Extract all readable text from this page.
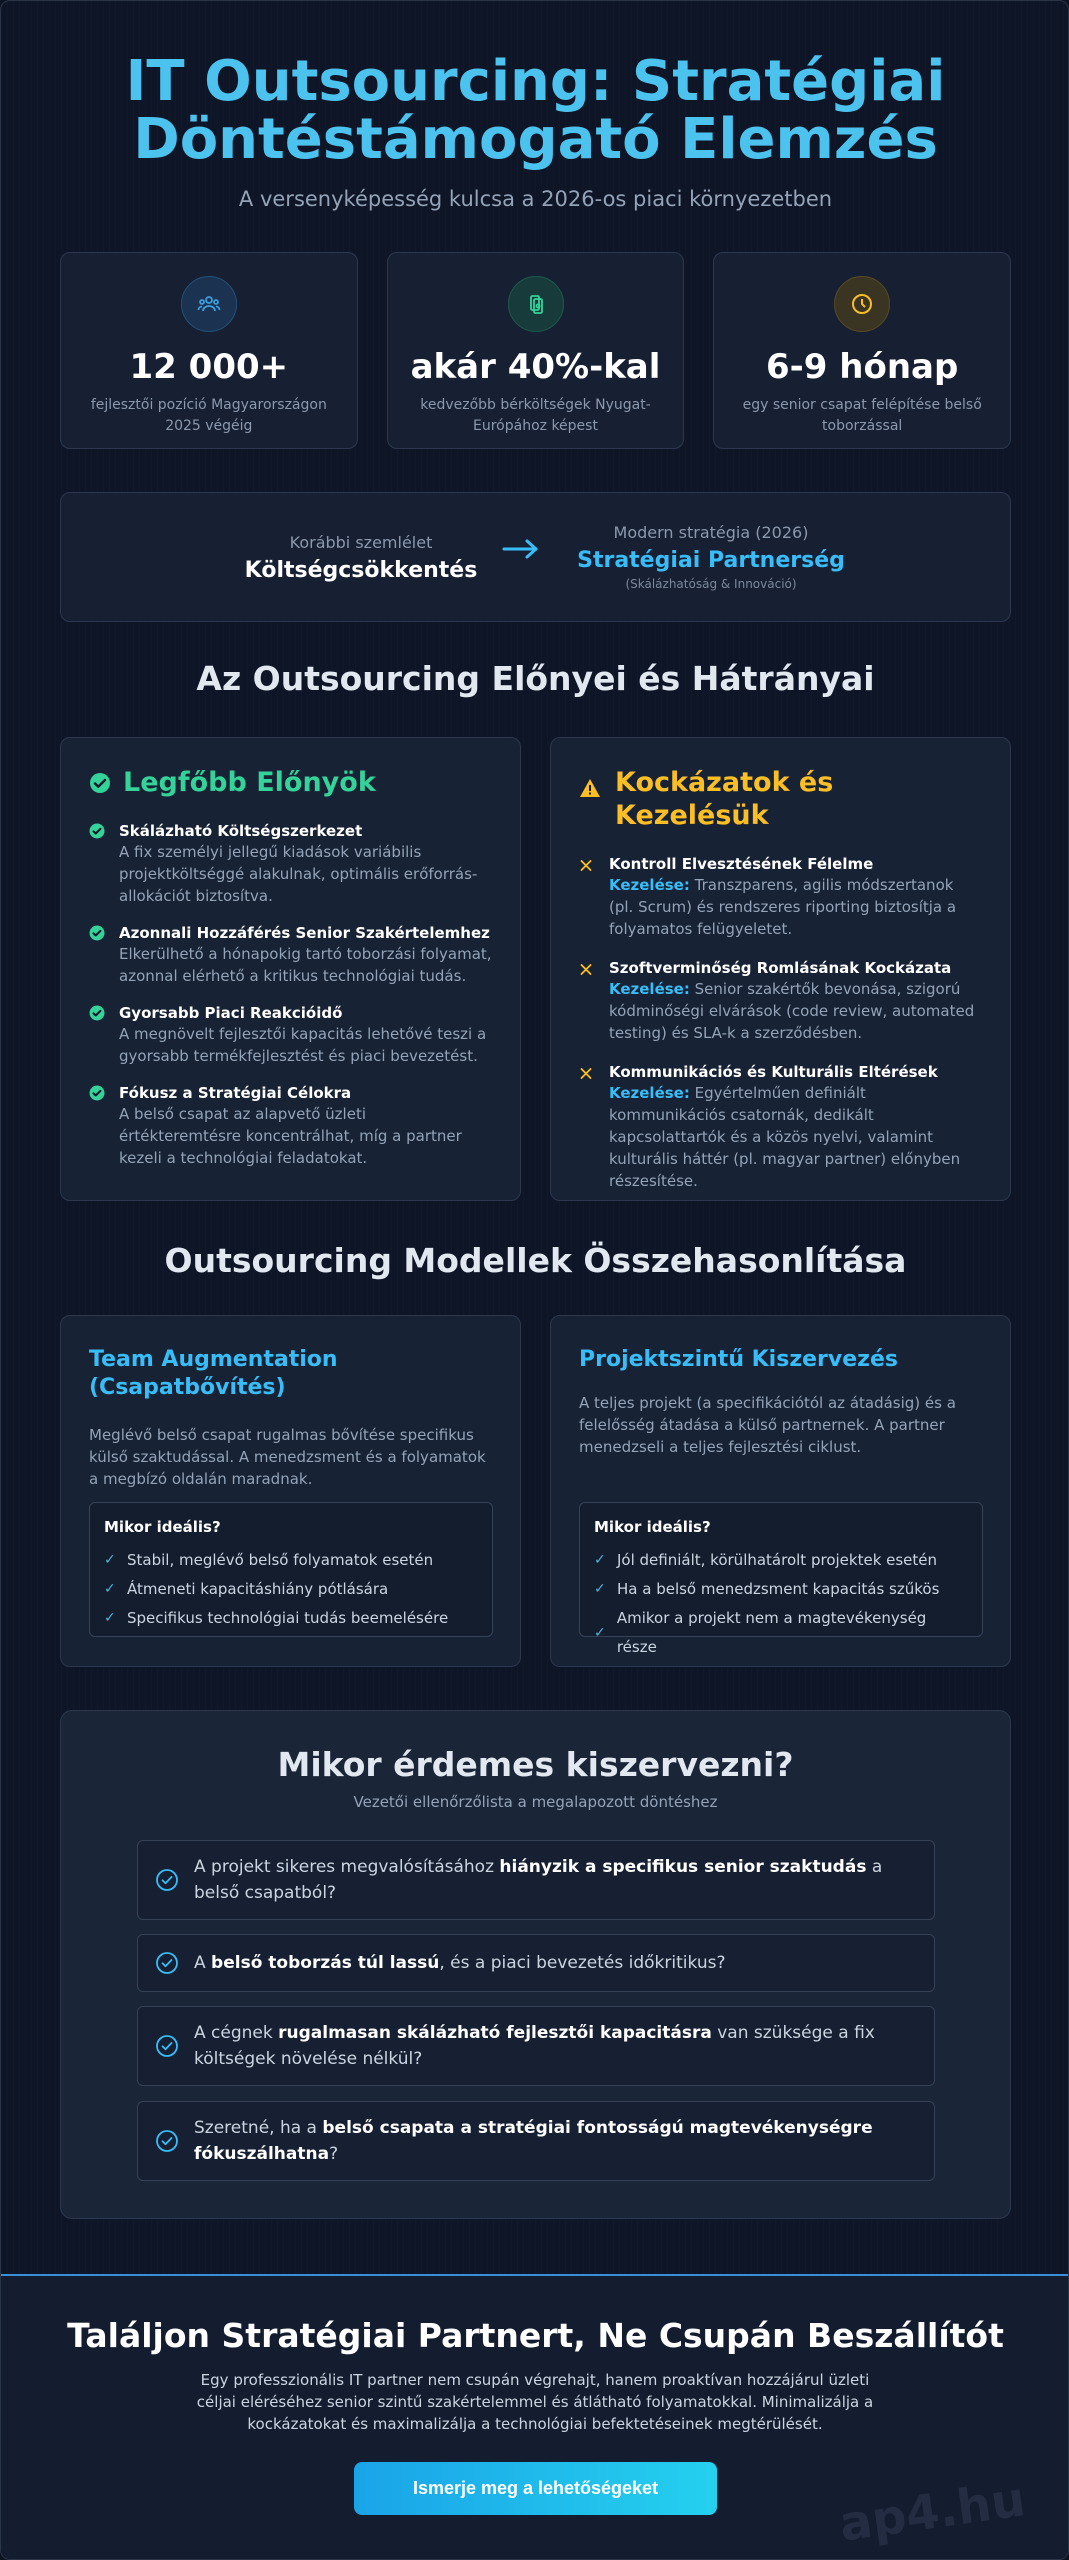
IT Outsourcing: Stratégiai
Döntéstámogató Elemzés
A versenyképesség kulcsa a 2026-os piaci környezetben
12 000+
fejlesztői pozíció Magyarországon 2025 végéig
akár 40%-kal
kedvezőbb bérköltségek Nyugat-Európához képest
6-9 hónap
egy senior csapat felépítése belső toborzással
Korábbi szemlélet
Költségcsökkentés
Modern stratégia (2026)
Stratégiai Partnerség
(Skálázhatóság & Innováció)
Az Outsourcing Előnyei és Hátrányai
Legfőbb Előnyök
Skálázható Költségszerkezet
A fix személyi jellegű kiadások variábilis projektköltséggé alakulnak, optimális erőforrás-allokációt biztosítva.
Azonnali Hozzáférés Senior Szakértelemhez
Elkerülhető a hónapokig tartó toborzási folyamat, azonnal elérhető a kritikus technológiai tudás.
Gyorsabb Piaci Reakcióidő
A megnövelt fejlesztői kapacitás lehetővé teszi a gyorsabb termékfejlesztést és piaci bevezetést.
Fókusz a Stratégiai Célokra
A belső csapat az alapvető üzleti értékteremtésre koncentrálhat, míg a partner kezeli a technológiai feladatokat.
Kockázatok és Kezelésük
Kontroll Elvesztésének Félelme
Kezelése: Transzparens, agilis módszertanok (pl. Scrum) és rendszeres riporting biztosítja a folyamatos felügyeletet.
Szoftverminőség Romlásának Kockázata
Kezelése: Senior szakértők bevonása, szigorú kódminőségi elvárások (code review, automated testing) és SLA-k a szerződésben.
Kommunikációs és Kulturális Eltérések
Kezelése: Egyértelműen definiált kommunikációs csatornák, dedikált kapcsolattartók és a közös nyelvi, valamint kulturális háttér (pl. magyar partner) előnyben részesítése.
Outsourcing Modellek Összehasonlítása
Team Augmentation
(Csapatbővítés)
Meglévő belső csapat rugalmas bővítése specifikus külső szaktudással. A menedzsment és a folyamatok a megbízó oldalán maradnak.
Mikor ideális?
✓ Stabil, meglévő belső folyamatok esetén
✓ Átmeneti kapacitáshiány pótlására
✓ Specifikus technológiai tudás beemelésére
Projektszintű Kiszervezés
A teljes projekt (a specifikációtól az átadásig) és a felelősség átadása a külső partnernek. A partner menedzseli a teljes fejlesztési ciklust.
Mikor ideális?
✓ Jól definiált, körülhatárolt projektek esetén
✓ Ha a belső menedzsment kapacitás szűkös
✓
Amikor a projekt nem a magtevékenység része
Mikor érdemes kiszervezni?
Vezetői ellenőrzőlista a megalapozott döntéshez
A projekt sikeres megvalósításához hiányzik a specifikus senior szaktudás a belső csapatból?
A belső toborzás túl lassú, és a piaci bevezetés időkritikus?
A cégnek rugalmasan skálázható fejlesztői kapacitásra van szüksége a fix költségek növelése nélkül?
Szeretné, ha a belső csapata a stratégiai fontosságú magtevékenységre fókuszálhatna?
Találjon Stratégiai Partnert, Ne Csupán Beszállítót
Egy professzionális IT partner nem csupán végrehajt, hanem proaktívan hozzájárul üzleti céljai eléréséhez senior szintű szakértelemmel és átlátható folyamatokkal. Minimalizálja a kockázatokat és maximalizálja a technológiai befektetéseinek megtérülését.
Ismerje meg a lehetőségeket	ap4.hu
